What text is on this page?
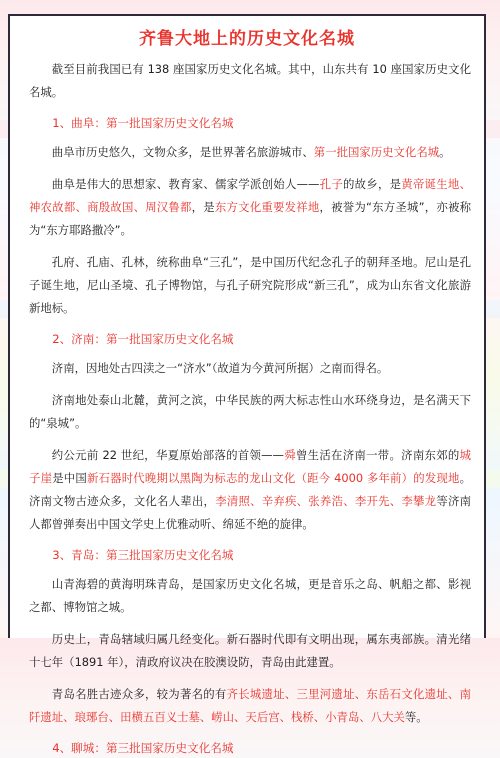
齐鲁大地上的历史文化名城

截至目前我国已有 138 座国家历史文化名城。其中，山东共有 10 座国家历史文化名城。

1、曲阜：第一批国家历史文化名城

曲阜市历史悠久，文物众多，是世界著名旅游城市、第一批国家历史文化名城。

曲阜是伟大的思想家、教育家、儒家学派创始人——孔子的故乡，是黄帝诞生地、神农故都、商殷故国、周汉鲁都，是东方文化重要发祥地，被誉为“东方圣城”，亦被称为“东方耶路撒冷”。

孔府、孔庙、孔林，统称曲阜“三孔”，是中国历代纪念孔子的朝拜圣地。尼山是孔子诞生地，尼山圣境、孔子博物馆，与孔子研究院形成“新三孔”，成为山东省文化旅游新地标。

2、济南：第一批国家历史文化名城

济南，因地处古四渎之一“济水”（故道为今黄河所据）之南而得名。

济南地处泰山北麓，黄河之滨，中华民族的两大标志性山水环绕身边，是名满天下的“泉城”。

约公元前 22 世纪，华夏原始部落的首领——舜曾生活在济南一带。济南东郊的城子崖是中国新石器时代晚期以黑陶为标志的龙山文化（距今 4000 多年前）的发现地。济南文物古迹众多，文化名人辈出，李清照、辛弃疾、张养浩、李开先、李攀龙等济南人都曾弹奏出中国文学史上优雅动听、绵延不绝的旋律。

3、青岛：第三批国家历史文化名城

山青海碧的黄海明珠青岛，是国家历史文化名城，更是音乐之岛、帆船之都、影视之都、博物馆之城。

历史上，青岛辖域归属几经变化。新石器时代即有文明出现，属东夷部族。清光绪十七年（1891 年），清政府议决在胶澳设防，青岛由此建置。

青岛名胜古迹众多，较为著名的有齐长城遗址、三里河遗址、东岳石文化遗址、南阡遗址、琅琊台、田横五百义士墓、崂山、天后宫、栈桥、小青岛、八大关等。

4、聊城：第三批国家历史文化名城
